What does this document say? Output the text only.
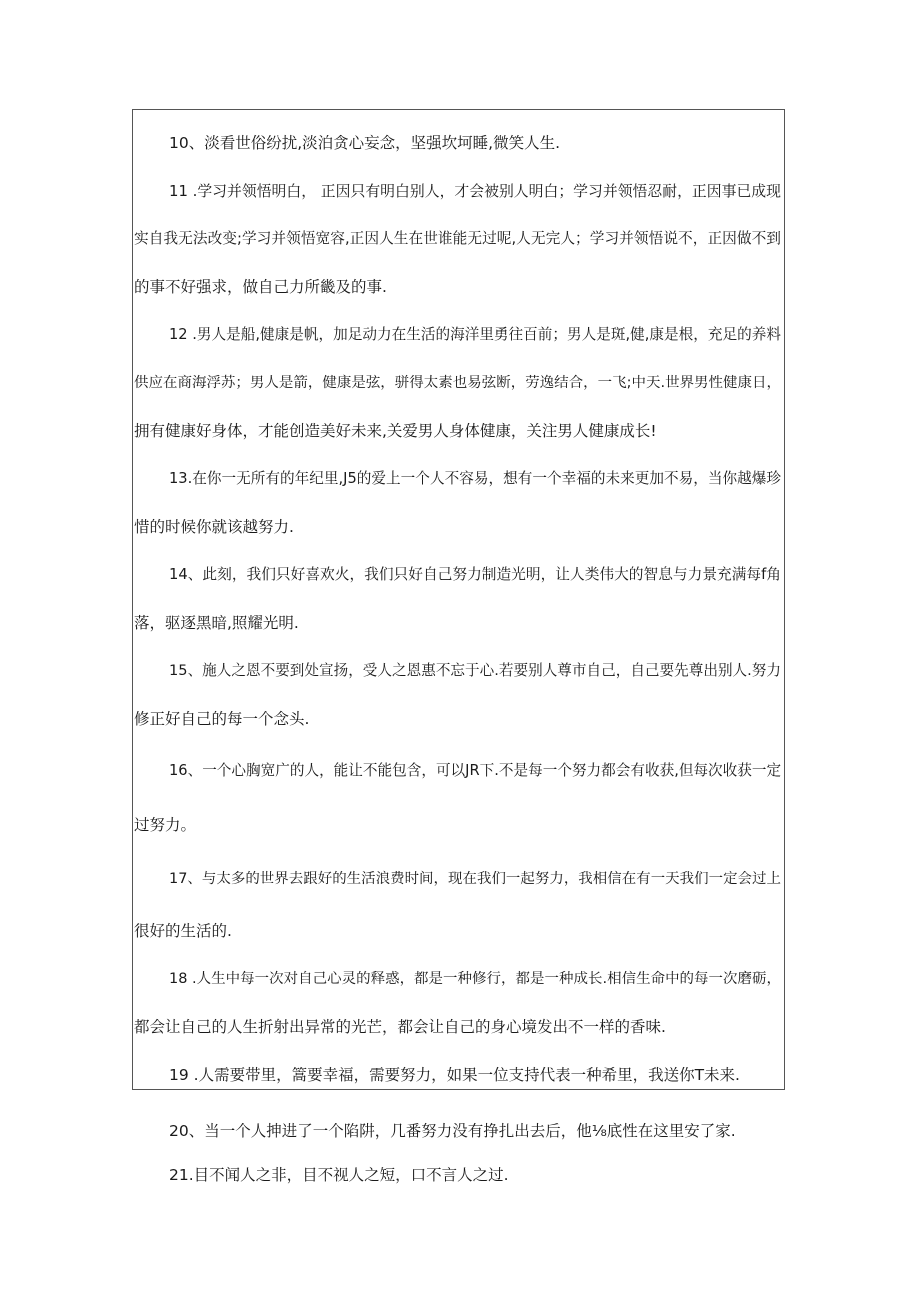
10、淡看世俗纷扰,淡泊贪心妄念，坚强坎坷睡,微笑人生.
11 .学习并领悟明白， 正因只有明白别人，才会被别人明白；学习并领悟忍耐，正因事已成现
实自我无法改变;学习并领悟宽容,正因人生在世谁能无过呢,人无完人；学习并领悟说不，正因做不到
的事不好强求，做自己力所畿及的事.
12 .男人是船,健康是帆，加足动力在生活的海洋里勇往百前；男人是斑,健,康是根，充足的养料
供应在商海浮苏；男人是箭，健康是弦，骈得太素也易弦断，劳逸结合，一飞;中天.世界男性健康日，
拥有健康好身体，才能创造美好未来,关爱男人身体健康，关注男人健康成长!
13.在你一无所有的年纪里,J5的爱上一个人不容易，想有一个幸福的未来更加不易，当你越爆珍
惜的时候你就该越努力.
14、此刻，我们只好喜欢火，我们只好自己努力制造光明，让人类伟大的智息与力景充满每f角
落，驱逐黑暗,照耀光明.
15、施人之恩不要到处宣扬，受人之恩惠不忘于心.若要别人尊市自己，自己要先尊出别人.努力
修正好自己的每一个念头.
16、一个心胸宽广的人，能让不能包含，可以JR下.不是每一个努力都会有收获,但每次收获一定
过努力。
17、与太多的世界去跟好的生活浪费时间，现在我们一起努力，我相信在有一天我们一定会过上
很好的生活的.
18 .人生中每一次对自己心灵的释惑，都是一种修行，都是一种成长.相信生命中的每一次磨砺，
都会让自己的人生折射出异常的光芒，都会让自己的身心境发出不一样的香味.
19 .人需要带里，篙要幸福，需要努力，如果一位支持代表一种希里，我送你T未来.
20、当一个人抻进了一个陷阱，几番努力没有挣扎出去后，他⅛底性在这里安了家.
21.目不闻人之非，目不视人之短，口不言人之过.
